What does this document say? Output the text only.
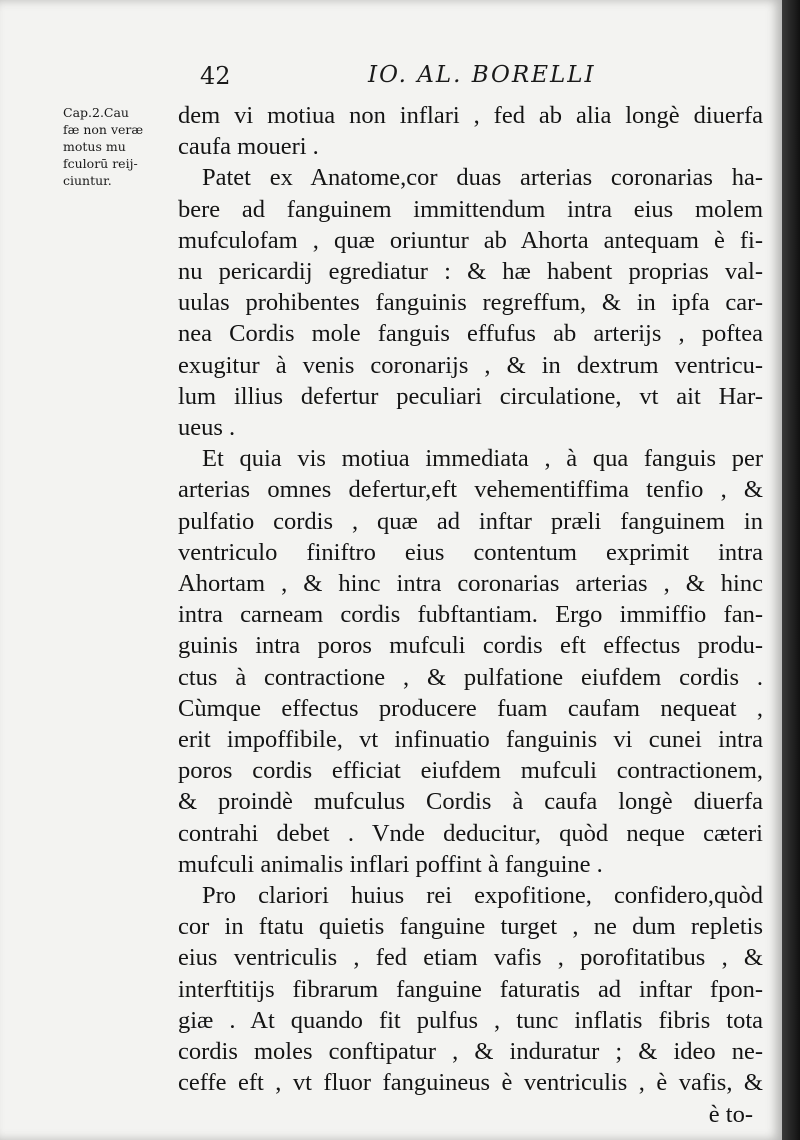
42	IO. AL. BORELLI
Cap.2.Cau
fæ non veræ
motus mu
fculorū reij-
ciuntur.
dem vi motiua non inflari , fed ab alia longè diuerfa
caufa moueri .
Patet ex Anatome,cor duas arterias coronarias ha-
bere ad fanguinem immittendum intra eius molem
mufculofam , quæ oriuntur ab Ahorta antequam è fi-
nu pericardij egrediatur : & hæ habent proprias val-
uulas prohibentes fanguinis regreffum, & in ipfa car-
nea Cordis mole fanguis effufus ab arterijs , poftea
exugitur à venis coronarijs , & in dextrum ventricu-
lum illius defertur peculiari circulatione, vt ait Har-
ueus .
Et quia vis motiua immediata , à qua fanguis per
arterias omnes defertur,eft vehementiffima tenfio , &
pulfatio cordis , quæ ad inftar præli fanguinem in
ventriculo finiftro eius contentum exprimit intra
Ahortam , & hinc intra coronarias arterias , & hinc
intra carneam cordis fubftantiam. Ergo immiffio fan-
guinis intra poros mufculi cordis eft effectus produ-
ctus à contractione , & pulfatione eiufdem cordis .
Cùmque effectus producere fuam caufam nequeat ,
erit impoffibile, vt infinuatio fanguinis vi cunei intra
poros cordis efficiat eiufdem mufculi contractionem,
& proindè mufculus Cordis à caufa longè diuerfa
contrahi debet . Vnde deducitur, quòd neque cæteri
mufculi animalis inflari poffint à fanguine .
Pro clariori huius rei expofitione, confidero,quòd
cor in ftatu quietis fanguine turget , ne dum repletis
eius ventriculis , fed etiam vafis , porofitatibus , &
interftitijs fibrarum fanguine faturatis ad inftar fpon-
giæ . At quando fit pulfus , tunc inflatis fibris tota
cordis moles conftipatur , & induratur ; & ideo ne-
ceffe eft , vt fluor fanguineus è ventriculis , è vafis, &
è to-
